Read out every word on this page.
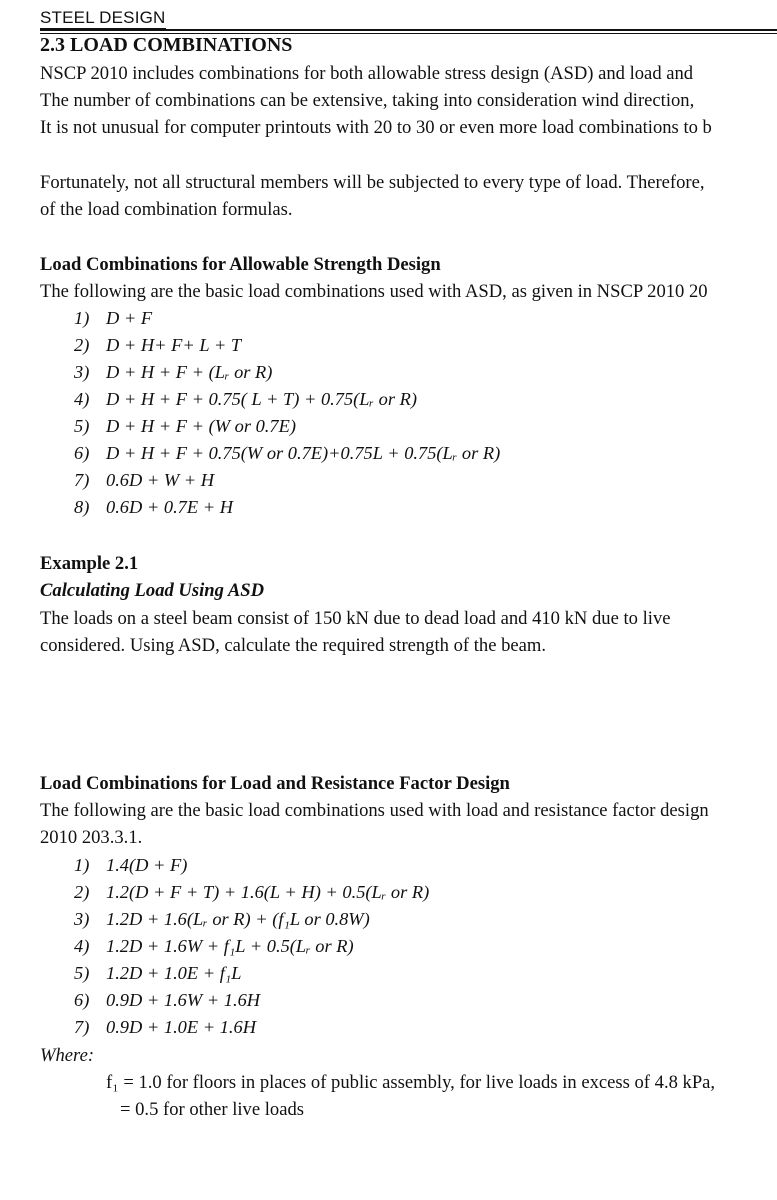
STEEL DESIGN
2.3 LOAD COMBINATIONS
NSCP 2010 includes combinations for both allowable stress design (ASD) and load and
The number of combinations can be extensive, taking into consideration wind direction,
It is not unusual for computer printouts with 20 to 30 or even more load combinations to b
Fortunately, not all structural members will be subjected to every type of load. Therefore,
of the load combination formulas.
Load Combinations for Allowable Strength Design
The following are the basic load combinations used with ASD, as given in NSCP 2010 20
1) D + F
2) D + H+ F+ L + T
3) D + H + F + (Lᵣ or R)
4) D + H + F + 0.75( L + T) + 0.75(Lᵣ or R)
5) D + H + F + (W or 0.7E)
6) D + H + F + 0.75(W or 0.7E)+0.75L + 0.75(Lᵣ or R)
7) 0.6D + W + H
8) 0.6D + 0.7E + H
Example 2.1
Calculating Load Using ASD
The loads on a steel beam consist of 150 kN due to dead load and 410 kN due to live
considered. Using ASD, calculate the required strength of the beam.
Load Combinations for Load and Resistance Factor Design
The following are the basic load combinations used with load and resistance factor design
2010 203.3.1.
1) 1.4(D + F)
2) 1.2(D + F + T) + 1.6(L + H) + 0.5(Lᵣ or R)
3) 1.2D + 1.6(Lᵣ or R) + (f₁L or 0.8W)
4) 1.2D + 1.6W + f₁L + 0.5(Lᵣ or R)
5) 1.2D + 1.0E + f₁L
6) 0.9D + 1.6W + 1.6H
7) 0.9D + 1.0E + 1.6H
Where:
f₁ = 1.0 for floors in places of public assembly, for live loads in excess of 4.8 kPa,
= 0.5 for other live loads
